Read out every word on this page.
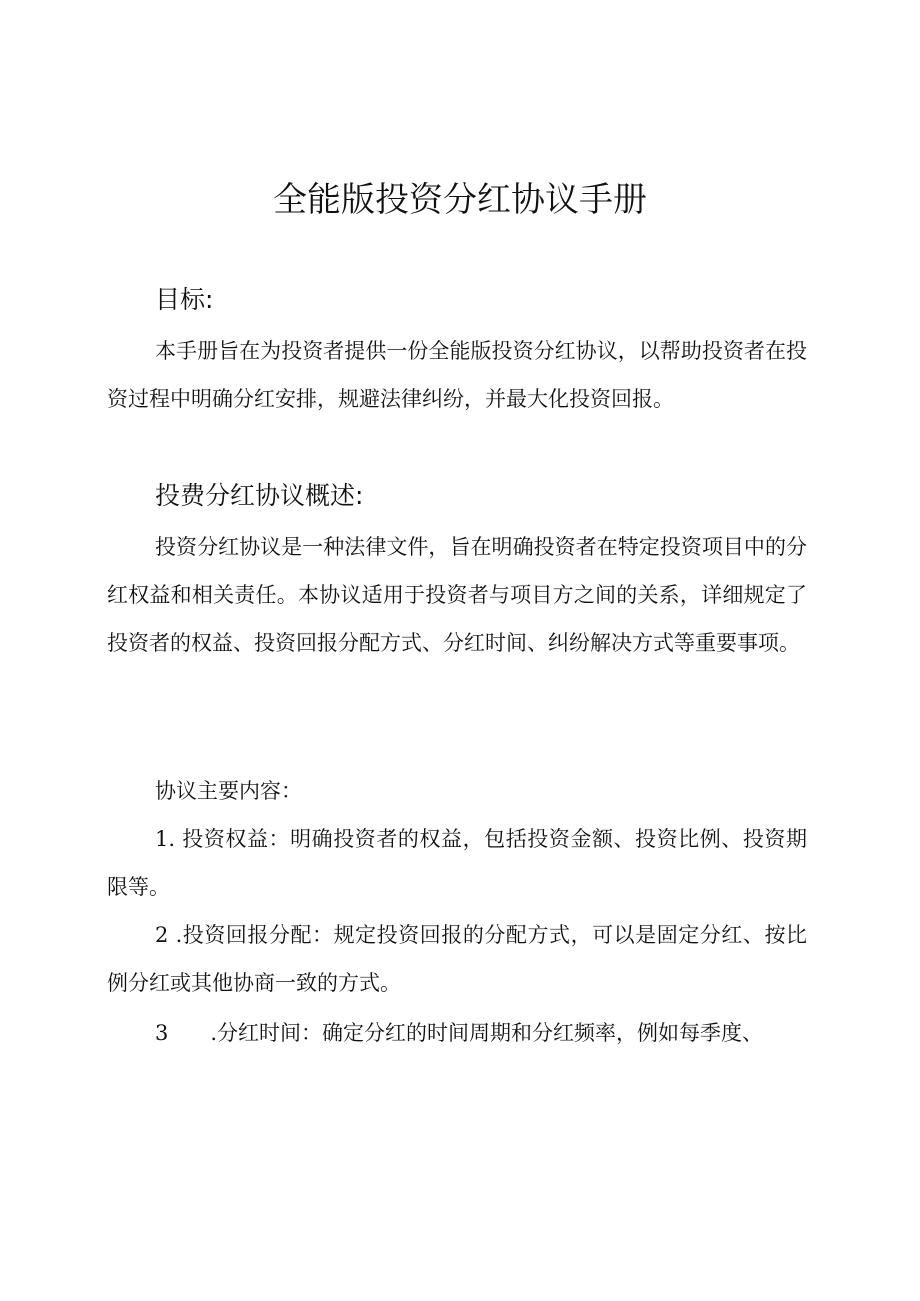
全能版投资分红协议手册
目标:

本手册旨在为投资者提供一份全能版投资分红协议，以帮助投资者在投资过程中明确分红安排，规避法律纠纷，并最大化投资回报。

投费分红协议概述:

投资分红协议是一种法律文件，旨在明确投资者在特定投资项目中的分红权益和相关责任。本协议适用于投资者与项目方之间的关系，详细规定了投资者的权益、投资回报分配方式、分红时间、纠纷解决方式等重要事项。

协议主要内容：

1. 投资权益：明确投资者的权益，包括投资金额、投资比例、投资期限等。

2 .投资回报分配：规定投资回报的分配方式，可以是固定分红、按比例分红或其他协商一致的方式。

3　　.分红时间：确定分红的时间周期和分红频率，例如每季度、
